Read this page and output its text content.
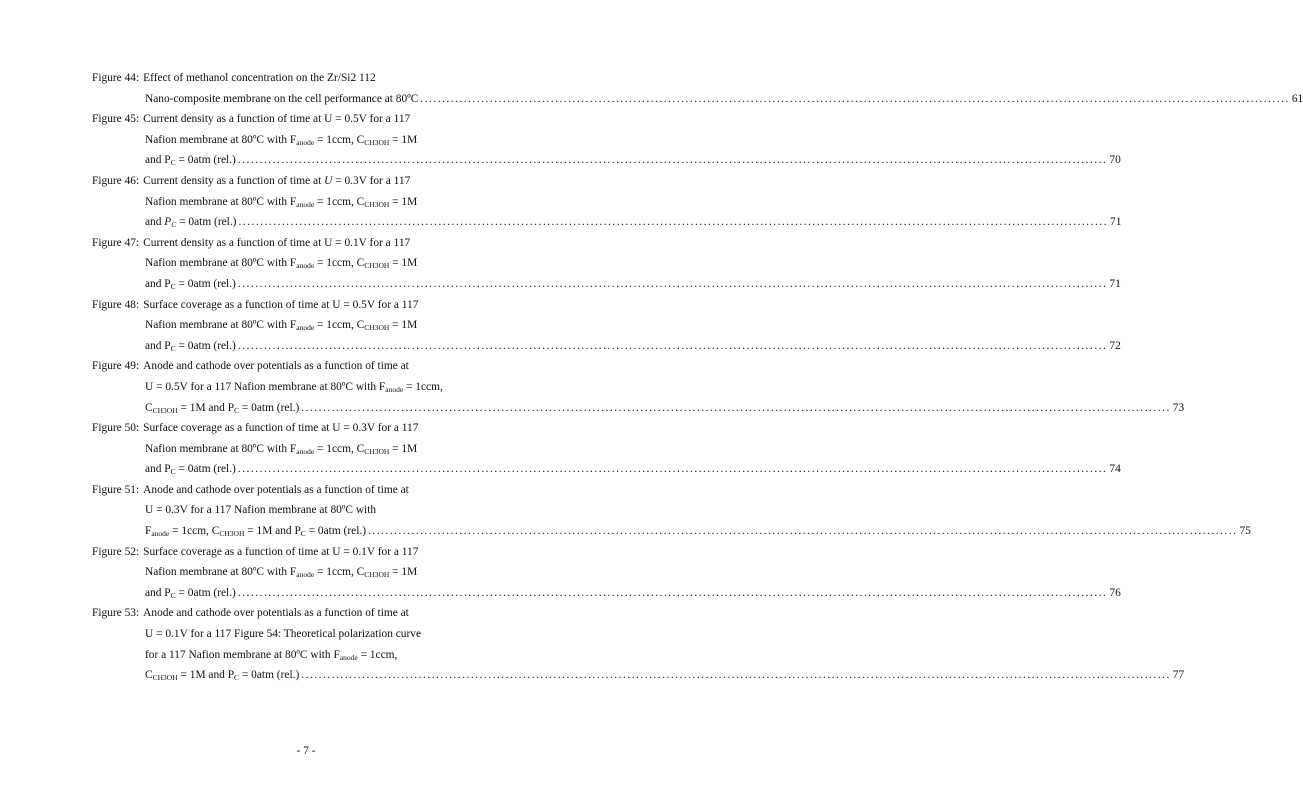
Figure 44: Effect of methanol concentration on the Zr/Si2 112
Nano-composite membrane on the cell performance at 80ºC ........................................................................................................................................................................................................ 61
Figure 45: Current density as a function of time at U = 0.5V for a 117
Nafion membrane at 80ºC with $F_{anode} = 1ccm$, $C_{CH3OH} = 1M$
and $P_C = 0atm$ (rel.) ........................................................................................................................................................................................................ 70
Figure 46: Current density as a function of time at U = 0.3V for a 117
Nafion membrane at 80ºC with $F_{anode} = 1ccm$, $C_{CH3OH} = 1M$
and $P_C = 0atm$ (rel.) ........................................................................................................................................................................................................ 71
Figure 47: Current density as a function of time at U = 0.1V for a 117
Nafion membrane at 80ºC with $F_{anode} = 1ccm$, $C_{CH3OH} = 1M$
and $P_C = 0atm$ (rel.) ........................................................................................................................................................................................................ 71
Figure 48: Surface coverage as a function of time at U = 0.5V for a 117
Nafion membrane at 80ºC with $F_{anode} = 1ccm$, $C_{CH3OH} = 1M$
and $P_C = 0atm$ (rel.) ........................................................................................................................................................................................................ 72
Figure 49: Anode and cathode over potentials as a function of time at
U = 0.5V for a 117 Nafion membrane at 80ºC with $F_{anode} = 1ccm$,
$C_{CH3OH} = 1M$ and $P_C = 0atm$ (rel.) ........................................................................................................................................................................................................ 73
Figure 50: Surface coverage as a function of time at U = 0.3V for a 117
Nafion membrane at 80ºC with $F_{anode} = 1ccm$, $C_{CH3OH} = 1M$
and $P_C = 0atm$ (rel.) ........................................................................................................................................................................................................ 74
Figure 51: Anode and cathode over potentials as a function of time at
U = 0.3V for a 117 Nafion membrane at 80ºC with
$F_{anode} = 1ccm$, $C_{CH3OH} = 1M$ and $P_C = 0atm$ (rel.) ........................................................................................................................................................................................................ 75
Figure 52: Surface coverage as a function of time at U = 0.1V for a 117
Nafion membrane at 80ºC with $F_{anode} = 1ccm$, $C_{CH3OH} = 1M$
and $P_C = 0atm$ (rel.) ........................................................................................................................................................................................................ 76
Figure 53: Anode and cathode over potentials as a function of time at
U = 0.1V for a 117 Figure 54: Theoretical polarization curve
for a 117 Nafion membrane at 80ºC with $F_{anode} = 1ccm$,
$C_{CH3OH} = 1M$ and $P_C = 0atm$ (rel.) ........................................................................................................................................................................................................ 77
- 7 -
